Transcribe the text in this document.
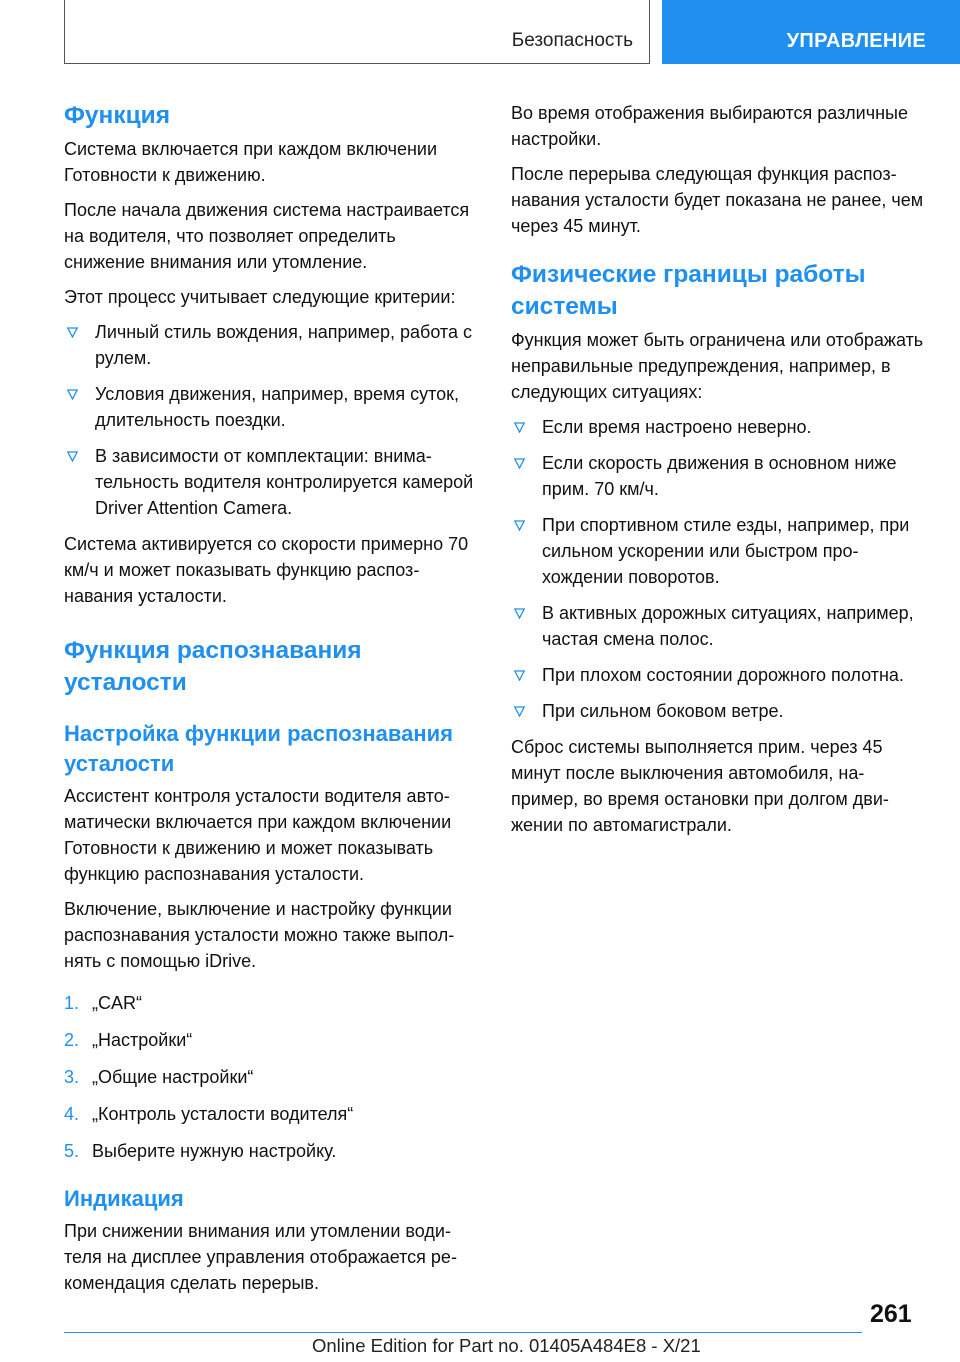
Безопасность	УПРАВЛЕНИЕ
Функция

Система включается при каждом включении Готовности к движению.

После начала движения система настраивается на водителя, что позволяет определить снижение внимания или утомление.

Этот процесс учитывает следующие критерии:

Личный стиль вождения, например, работа с рулем.
Условия движения, например, время суток, длительность поездки.
В зависимости от комплектации: внимательность водителя контролируется камерой Driver Attention Camera.

Система активируется со скорости примерно 70 км/ч и может показывать функцию распознавания усталости.

Функция распознавания усталости
Настройка функции распознавания усталости

Ассистент контроля усталости водителя автоматически включается при каждом включении Готовности к движению и может показывать функцию распознавания усталости.

Включение, выключение и настройку функции распознавания усталости можно также выполнять с помощью iDrive.

1. „CAR“
2. „Настройки“
3. „Общие настройки“
4. „Контроль усталости водителя“
5. Выберите нужную настройку.
Индикация

При снижении внимания или утомлении водителя на дисплее управления отображается рекомендация сделать перерыв.

Во время отображения выбираются различные настройки.

После перерыва следующая функция распознавания усталости будет показана не ранее, чем через 45 минут.

Физические границы работы системы

Функция может быть ограничена или отображать неправильные предупреждения, например, в следующих ситуациях:

Если время настроено неверно.
Если скорость движения в основном ниже прим. 70 км/ч.
При спортивном стиле езды, например, при сильном ускорении или быстром прохождении поворотов.
В активных дорожных ситуациях, например, частая смена полос.
При плохом состоянии дорожного полотна.
При сильном боковом ветре.

Сброс системы выполняется прим. через 45 минут после выключения автомобиля, например, во время остановки при долгом движении по автомагистрали.

261
Online Edition for Part no. 01405A484E8 - X/21
